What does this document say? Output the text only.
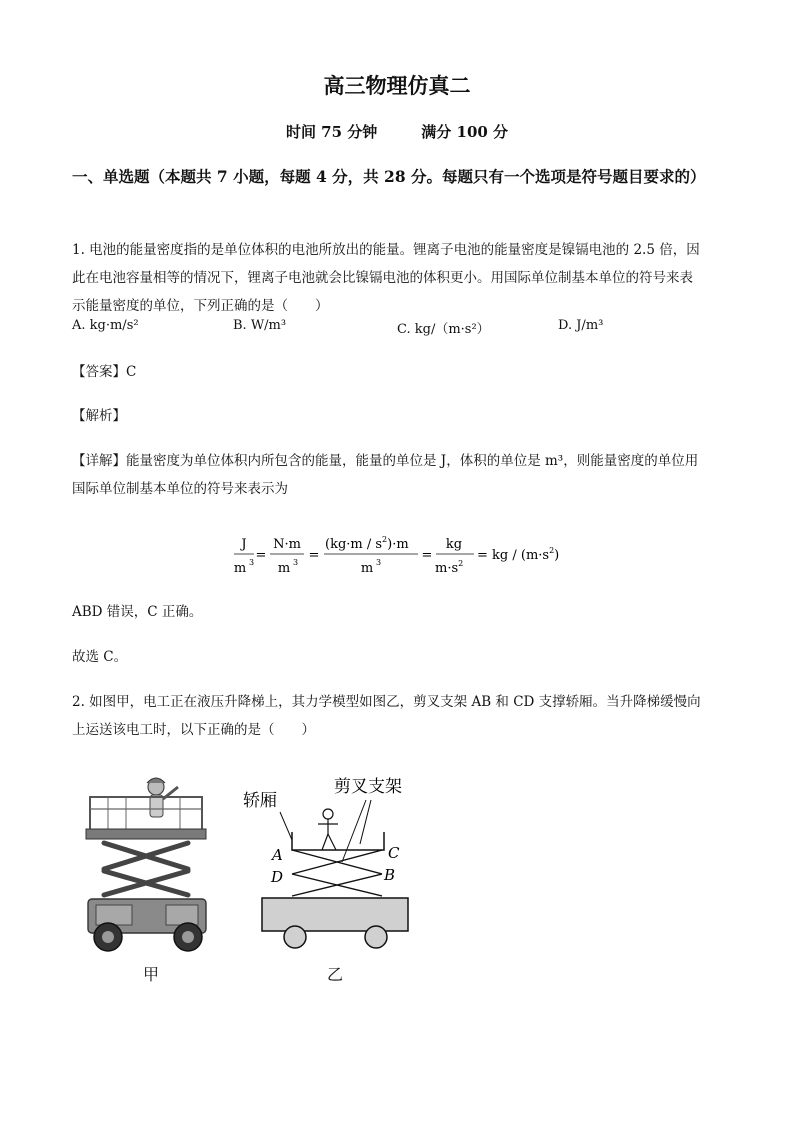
高三物理仿真二
时间 75 分钟	满分 100 分
一、单选题（本题共 7 小题，每题 4 分，共 28 分。每题只有一个选项是符号题目要求的）
1. 电池的能量密度指的是单位体积的电池所放出的能量。锂离子电池的能量密度是镍镉电池的 2.5 倍，因
此在电池容量相等的情况下，锂离子电池就会比镍镉电池的体积更小。用国际单位制基本单位的符号来表
示能量密度的单位，下列正确的是（　　）
A. kg·m/s²	B. W/m³	C. kg/（m·s²）	D. J/m³
【答案】C
【解析】
【详解】能量密度为单位体积内所包含的能量，能量的单位是 J，体积的单位是 m³，则能量密度的单位用
国际单位制基本单位的符号来表示为
J
m 3 =
N·m
m 3 =
$(kg\cdot m / s^2)\cdot m$
m 3	=
kg
$m\cdot s^2$
= kg / $(m\cdot s^2)$
ABD 错误，C 正确。
故选 C。
2. 如图甲，电工正在液压升降梯上，其力学模型如图乙，剪叉支架 AB 和 CD 支撑轿厢。当升降梯缓慢向
上运送该电工时，以下正确的是（　　）
甲
轿厢
剪叉支架
A	C
D	B
乙
